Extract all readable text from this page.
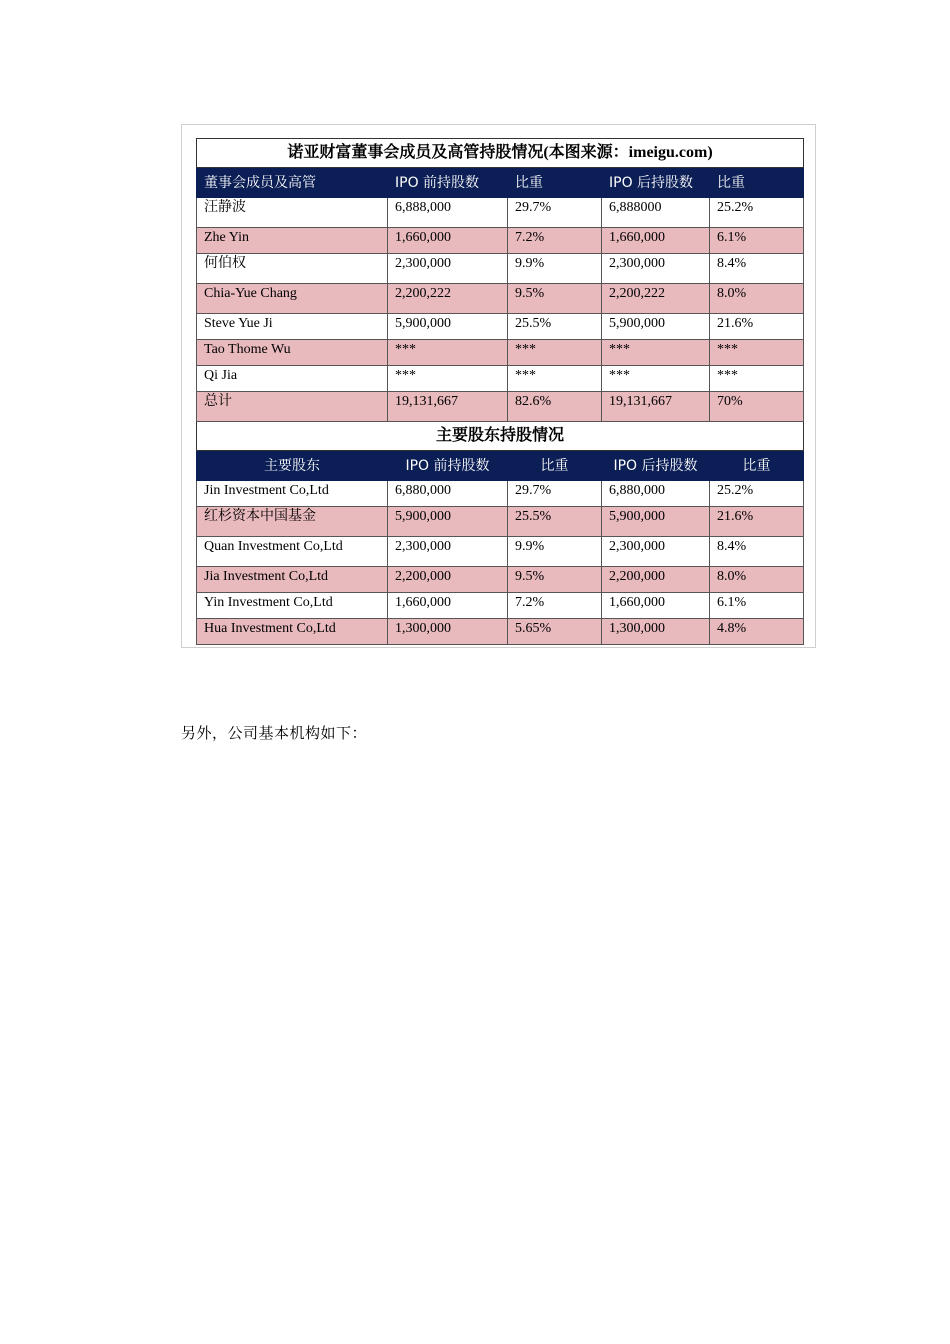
诺亚财富董事会成员及高管持股情况(本图来源：imeigu.com)				
董事会成员及高管	IPO 前持股数	比重	IPO 后持股数	比重
汪静波	6,888,000	29.7%	6,888000	25.2%
Zhe Yin	1,660,000	7.2%	1,660,000	6.1%
何伯权	2,300,000	9.9%	2,300,000	8.4%
Chia-Yue Chang	2,200,222	9.5%	2,200,222	8.0%
Steve Yue Ji	5,900,000	25.5%	5,900,000	21.6%
Tao Thome Wu	***	***	***	***
Qi Jia	***	***	***	***
总计	19,131,667	82.6%	19,131,667	70%
主要股东持股情况				
主要股东	IPO 前持股数	比重	IPO 后持股数	比重
Jin Investment Co,Ltd	6,880,000	29.7%	6,880,000	25.2%
红杉资本中国基金	5,900,000	25.5%	5,900,000	21.6%
Quan Investment Co,Ltd	2,300,000	9.9%	2,300,000	8.4%
Jia Investment Co,Ltd	2,200,000	9.5%	2,200,000	8.0%
Yin Investment Co,Ltd	1,660,000	7.2%	1,660,000	6.1%
Hua Investment Co,Ltd	1,300,000	5.65%	1,300,000	4.8%
另外，公司基本机构如下：
